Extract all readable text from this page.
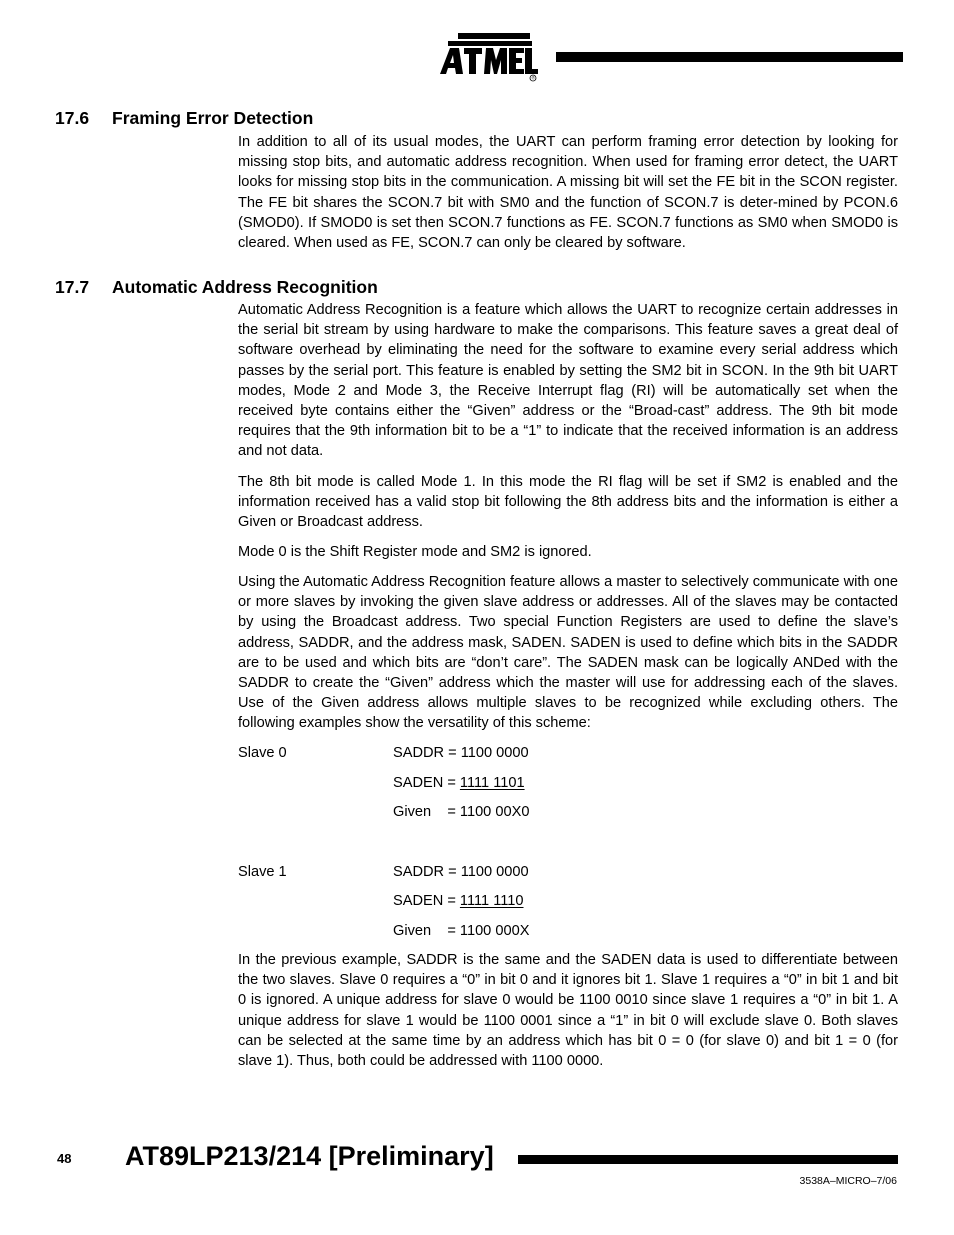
®
17.6 Framing Error Detection

In addition to all of its usual modes, the UART can perform framing error detection by looking for missing stop bits, and automatic address recognition. When used for framing error detect, the UART looks for missing stop bits in the communication. A missing bit will set the FE bit in the SCON register. The FE bit shares the SCON.7 bit with SM0 and the function of SCON.7 is deter-mined by PCON.6 (SMOD0). If SMOD0 is set then SCON.7 functions as FE. SCON.7 functions as SM0 when SMOD0 is cleared. When used as FE, SCON.7 can only be cleared by software.

17.7 Automatic Address Recognition

Automatic Address Recognition is a feature which allows the UART to recognize certain addresses in the serial bit stream by using hardware to make the comparisons. This feature saves a great deal of software overhead by eliminating the need for the software to examine every serial address which passes by the serial port. This feature is enabled by setting the SM2 bit in SCON. In the 9th bit UART modes, Mode 2 and Mode 3, the Receive Interrupt flag (RI) will be automatically set when the received byte contains either the “Given” address or the “Broad-cast” address. The 9th bit mode requires that the 9th information bit to be a “1” to indicate that the received information is an address and not data.

The 8th bit mode is called Mode 1. In this mode the RI flag will be set if SM2 is enabled and the information received has a valid stop bit following the 8th address bits and the information is either a Given or Broadcast address.

Mode 0 is the Shift Register mode and SM2 is ignored.

Using the Automatic Address Recognition feature allows a master to selectively communicate with one or more slaves by invoking the given slave address or addresses. All of the slaves may be contacted by using the Broadcast address. Two special Function Registers are used to define the slave’s address, SADDR, and the address mask, SADEN. SADEN is used to define which bits in the SADDR are to be used and which bits are “don’t care”. The SADEN mask can be logically ANDed with the SADDR to create the “Given” address which the master will use for addressing each of the slaves. Use of the Given address allows multiple slaves to be recognized while excluding others. The following examples show the versatility of this scheme:

Slave 0	SADDR = 1100 0000
SADEN = 1111 1101
Given    = 1100 00X0
Slave 1	SADDR = 1100 0000
SADEN = 1111 1110
Given    = 1100 000X

In the previous example, SADDR is the same and the SADEN data is used to differentiate between the two slaves. Slave 0 requires a “0” in bit 0 and it ignores bit 1. Slave 1 requires a “0” in bit 1 and bit 0 is ignored. A unique address for slave 0 would be 1100 0010 since slave 1 requires a “0” in bit 1. A unique address for slave 1 would be 1100 0001 since a “1” in bit 0 will exclude slave 0. Both slaves can be selected at the same time by an address which has bit 0 = 0 (for slave 0) and bit 1 = 0 (for slave 1). Thus, both could be addressed with 1100 0000.

48 AT89LP213/214 [Preliminary]
3538A–MICRO–7/06
